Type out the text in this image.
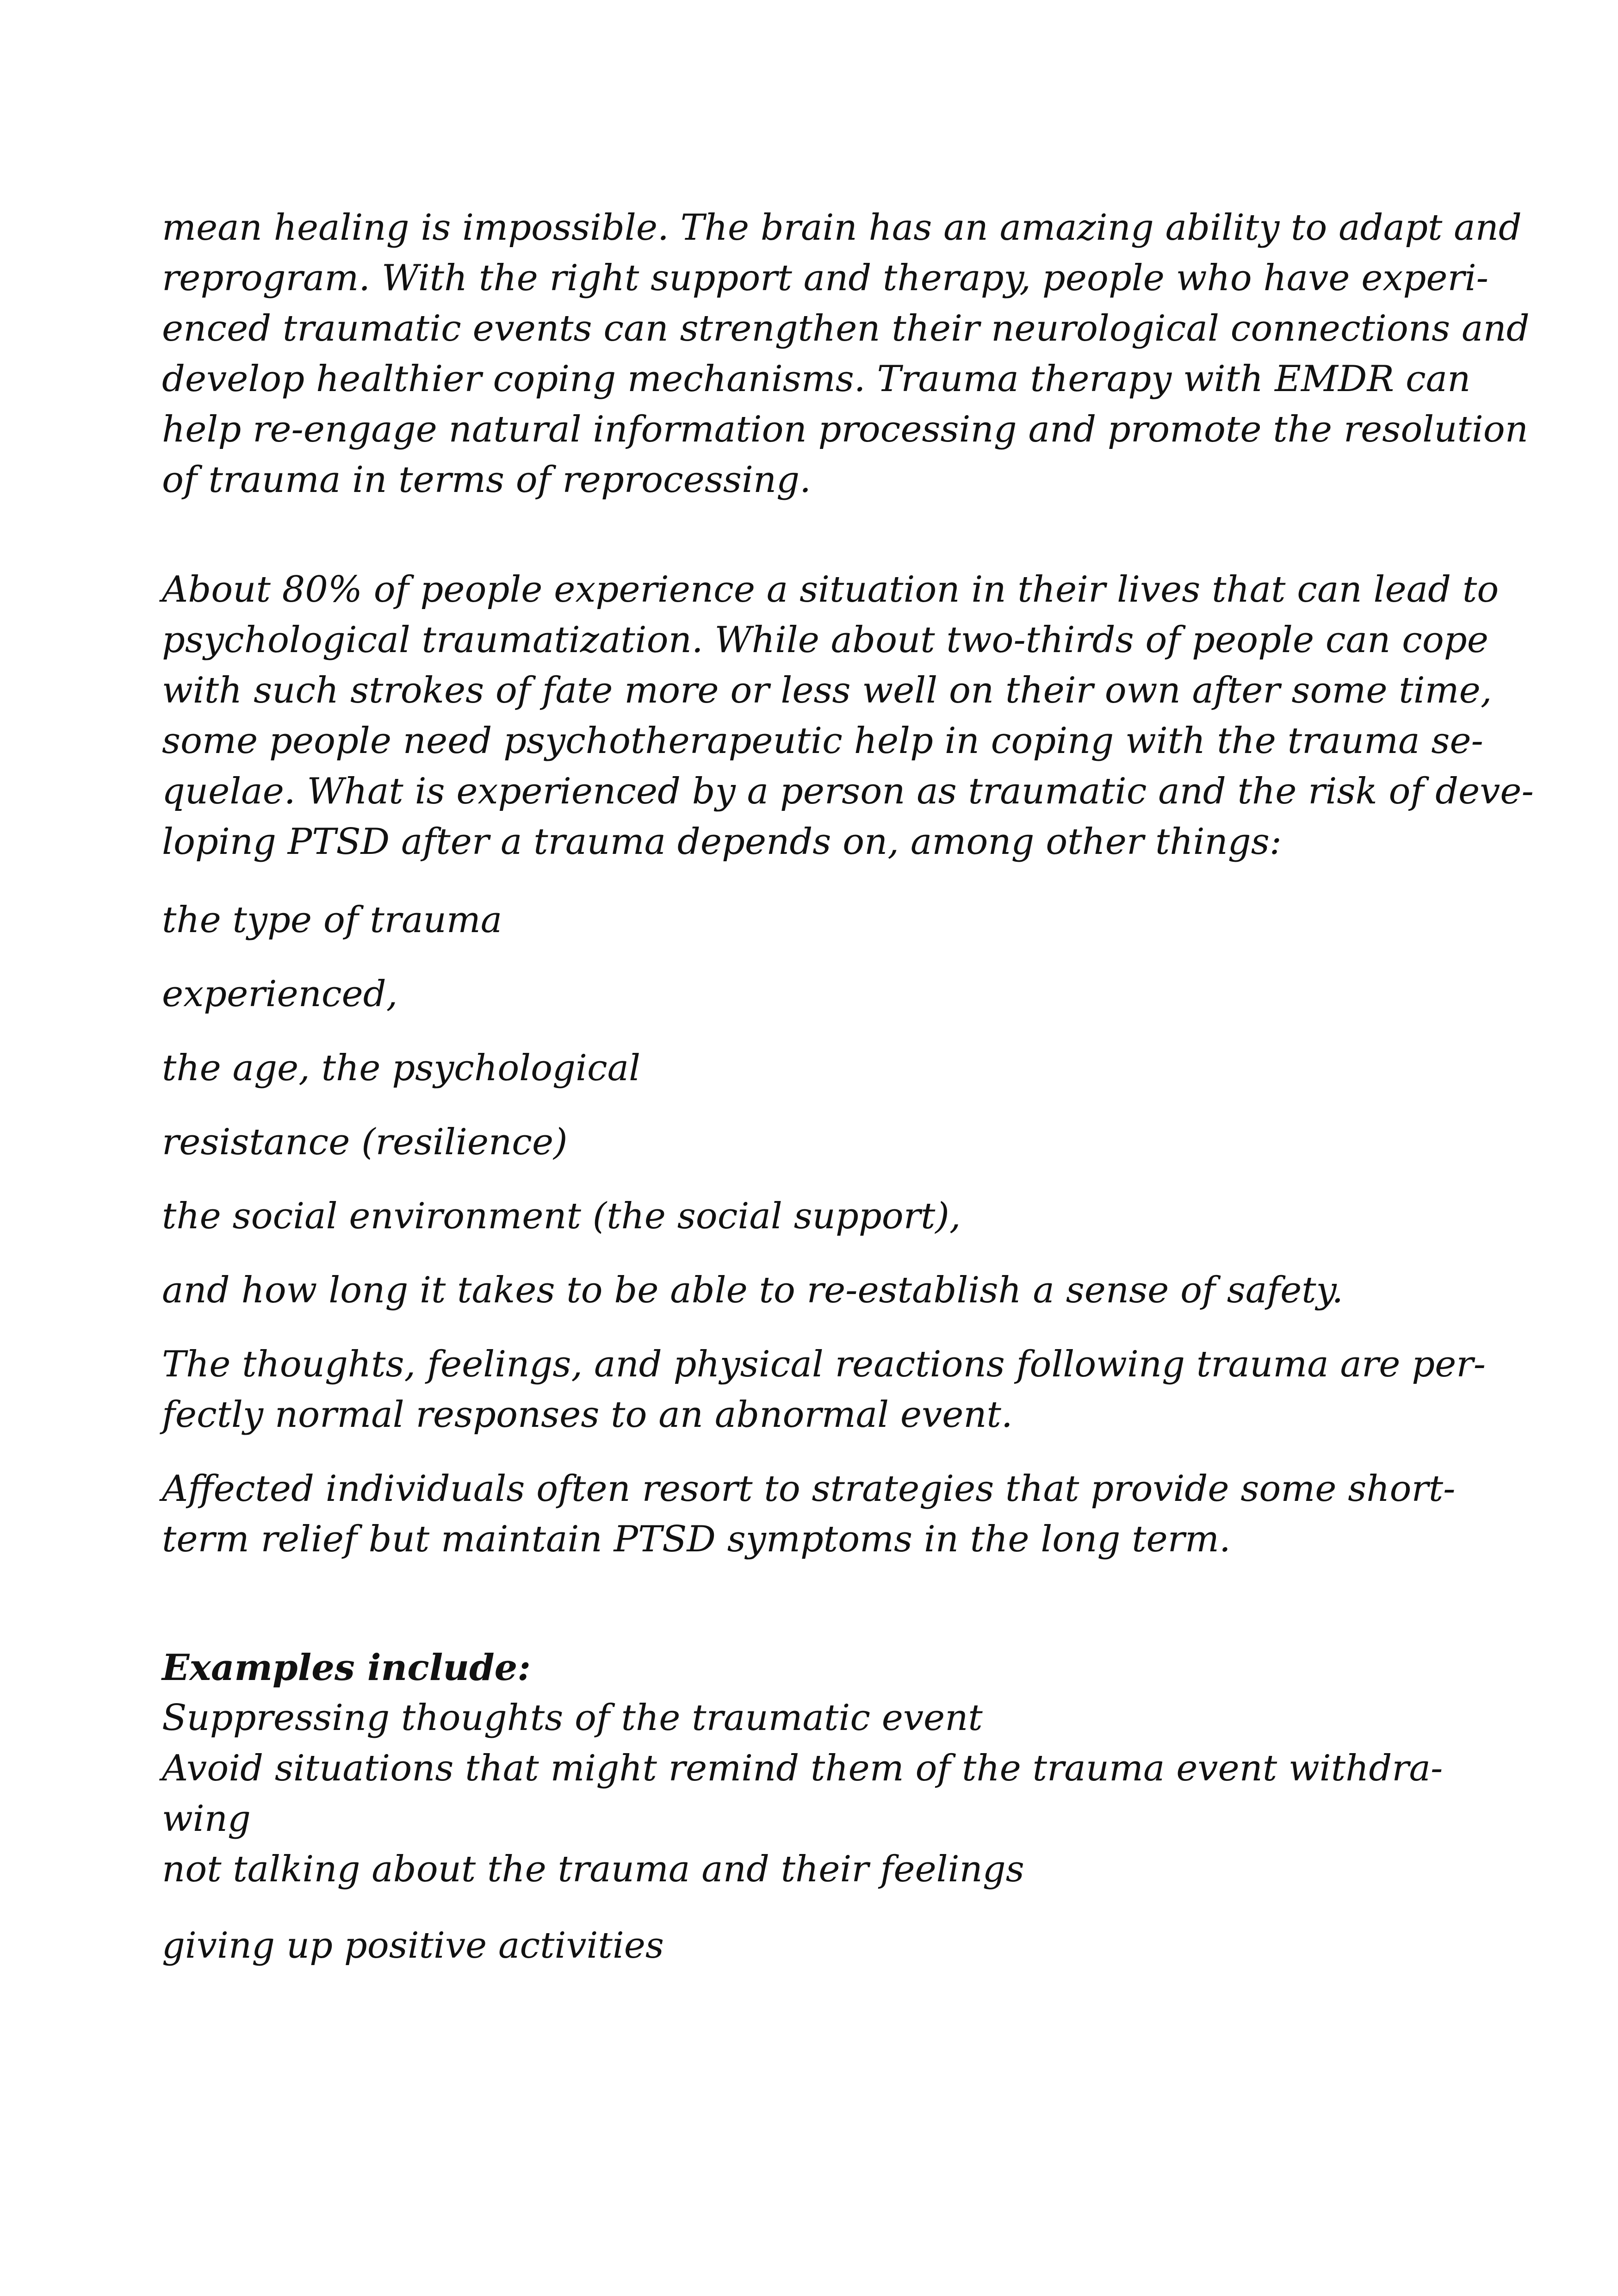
mean healing is impossible. The brain has an amazing ability to adapt and
reprogram. With the right support and therapy, people who have experi-
enced traumatic events can strengthen their neurological connections and
develop healthier coping mechanisms. Trauma therapy with EMDR can
help re-engage natural information processing and promote the resolution
of trauma in terms of reprocessing.
About 80% of people experience a situation in their lives that can lead to
psychological traumatization. While about two-thirds of people can cope
with such strokes of fate more or less well on their own after some time,
some people need psychotherapeutic help in coping with the trauma se-
quelae. What is experienced by a person as traumatic and the risk of deve-
loping PTSD after a trauma depends on, among other things:
the type of trauma
experienced,
the age, the psychological
resistance (resilience)
the social environment (the social support),
and how long it takes to be able to re-establish a sense of safety.
The thoughts, feelings, and physical reactions following trauma are per-
fectly normal responses to an abnormal event.
Affected individuals often resort to strategies that provide some short-
term relief but maintain PTSD symptoms in the long term.
Examples include:
Suppressing thoughts of the traumatic event
Avoid situations that might remind them of the trauma event withdra-
wing
not talking about the trauma and their feelings
giving up positive activities
